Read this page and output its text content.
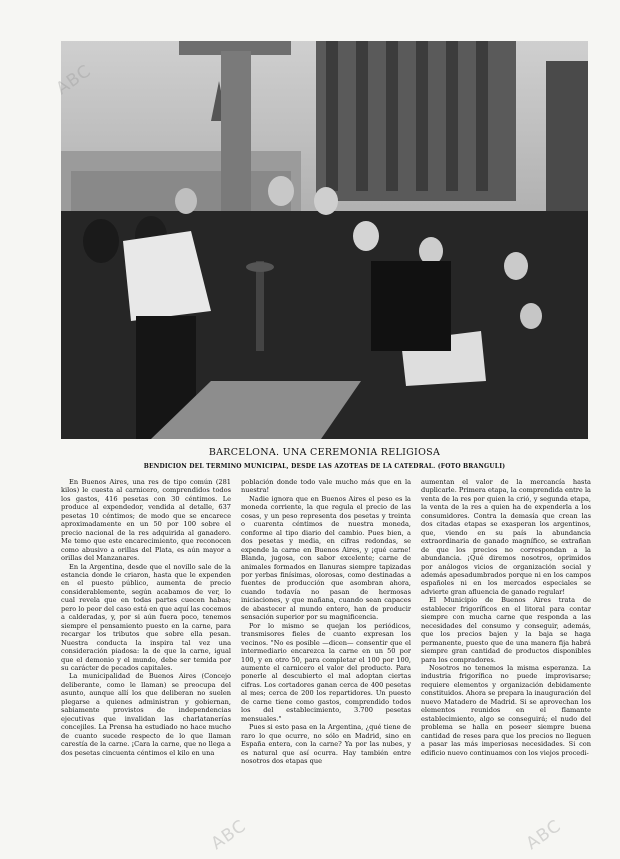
BARCELONA. UNA CEREMONIA RELIGIOSA
BENDICION DEL TERMINO MUNICIPAL, DESDE LAS AZOTEAS DE LA CATEDRAL. (FOTO BRANGULI)

En Buenos Aires, una res de tipo común (281 kilos) le cuesta al carnicero, comprendidos todos los gastos, 416 pesetas con 30 céntimos. Le produce al expendedor, vendida al detalle, 637 pesetas 10 céntimos; de modo que se encarece aproximadamente en un 50 por 100 sobre el precio nacional de la res adquirida al ganadero. Me temo que este encarecimiento, que reconocen como abusivo a orillas del Plata, es aún mayor a orillas del Manzanares.

En la Argentina, desde que el novillo sale de la estancia donde le criaron, hasta que le expenden en el puesto público, aumenta de precio considerablemente, según acabamos de ver, lo cual revela que en todas partes cuecen habas; pero lo peor del caso está en que aquí las cocemos a calderadas, y, por si aún fuera poco, tenemos siempre el pensamiento puesto en la carne, para recargar los tributos que sobre ella pesan. Nuestra conducta la inspira tal vez una consideración piadosa: la de que la carne, igual que el demonio y el mundo, debe ser temida por su carácter de pecados capitales.

La municipalidad de Buenos Aires (Concejo deliberante, como le llaman) se preocupa del asunto, aunque allí los que deliberan no suelen plegarse a quienes administran y gobiernan, sabiamente provistos de independencias ejecutivas que invalidan las charlatanerías concejiles. La Prensa ha estudiado no hace mucho de cuanto sucede respecto de lo que llaman carestía de la carne. ¡Cara la carne, que no llega a dos pesetas cincuenta céntimos el kilo en una

población donde todo vale mucho más que en la nuestra!

Nadie ignora que en Buenos Aires el peso es la moneda corriente, la que regula el precio de las cosas, y un peso representa dos pesetas y treinta o cuarenta céntimos de nuestra moneda, conforme al tipo diario del cambio. Pues bien, a dos pesetas y media, en cifras redondas, se expende la carne en Buenos Aires, y ¡qué carne! Blanda, jugosa, con sabor excelente; carne de animales formados en llanuras siempre tapizadas por yerbas finísimas, olorosas, como destinadas a fuentes de producción que asombran ahora, cuando todavía no pasan de hermosas iniciaciones, y que mañana, cuando sean capaces de abastecer al mundo entero, han de producir sensación superior por su magnificencia.

Por lo mismo se quejan los periódicos, transmisores fieles de cuanto expresan los vecinos. "No es posible —dicen— consentir que el intermediario encarezca la carne en un 50 por 100, y en otro 50, para completar el 100 por 100, aumente el carnicero el valor del producto. Para ponerle al descubierto el mal adoptan ciertas cifras. Los cortadores ganan cerca de 400 pesetas al mes; cerca de 200 los repartidores. Un puesto de carne tiene como gastos, comprendido todos los del establecimiento, 3.700 pesetas mensuales."

Pues si esto pasa en la Argentina, ¿qué tiene de raro lo que ocurre, no sólo en Madrid, sino en España entera, con la carne? Ya por las nubes, y es natural que así ocurra. Hay también entre nosotros dos etapas que

aumentan el valor de la mercancía hasta duplicarle. Primera etapa, la comprendida entre la venta de la res por quien la crió, y segunda etapa, la venta de la res a quien ha de expenderla a los consumidores. Contra la demasía que crean las dos citadas etapas se exasperan los argentinos, que, viendo en su país la abundancia extraordinaria de ganado magnífico, se extrañan de que los precios no correspondan a la abundancia. ¡Qué diremos nosotros, oprimidos por análogos vicios de organización social y además apesadumbrados porque ni en los campos españoles ni en los mercados especiales se advierte gran afluencia de ganado regular!

El Municipio de Buenos Aires trata de establecer frigoríficos en el litoral para contar siempre con mucha carne que responda a las necesidades del consumo y conseguir, además, que los precios bajen y la baja se haga permanente, puesto que de una manera fija habrá siempre gran cantidad de productos disponibles para los compradores.

Nosotros no tenemos la misma esperanza. La industria frigorífica no puede improvisarse; requiere elementos y organización debidamente constituidos. Ahora se prepara la inauguración del nuevo Matadero de Madrid. Si se aprovechan los elementos reunidos en el flamante establecimiento, algo se conseguirá; el nudo del problema se halla en poseer siempre buena cantidad de reses para que los precios no lleguen a pasar las más imperiosas necesidades. Si con edificio nuevo continuamos con los viejos procedi-

ABC
ABC	ABC
